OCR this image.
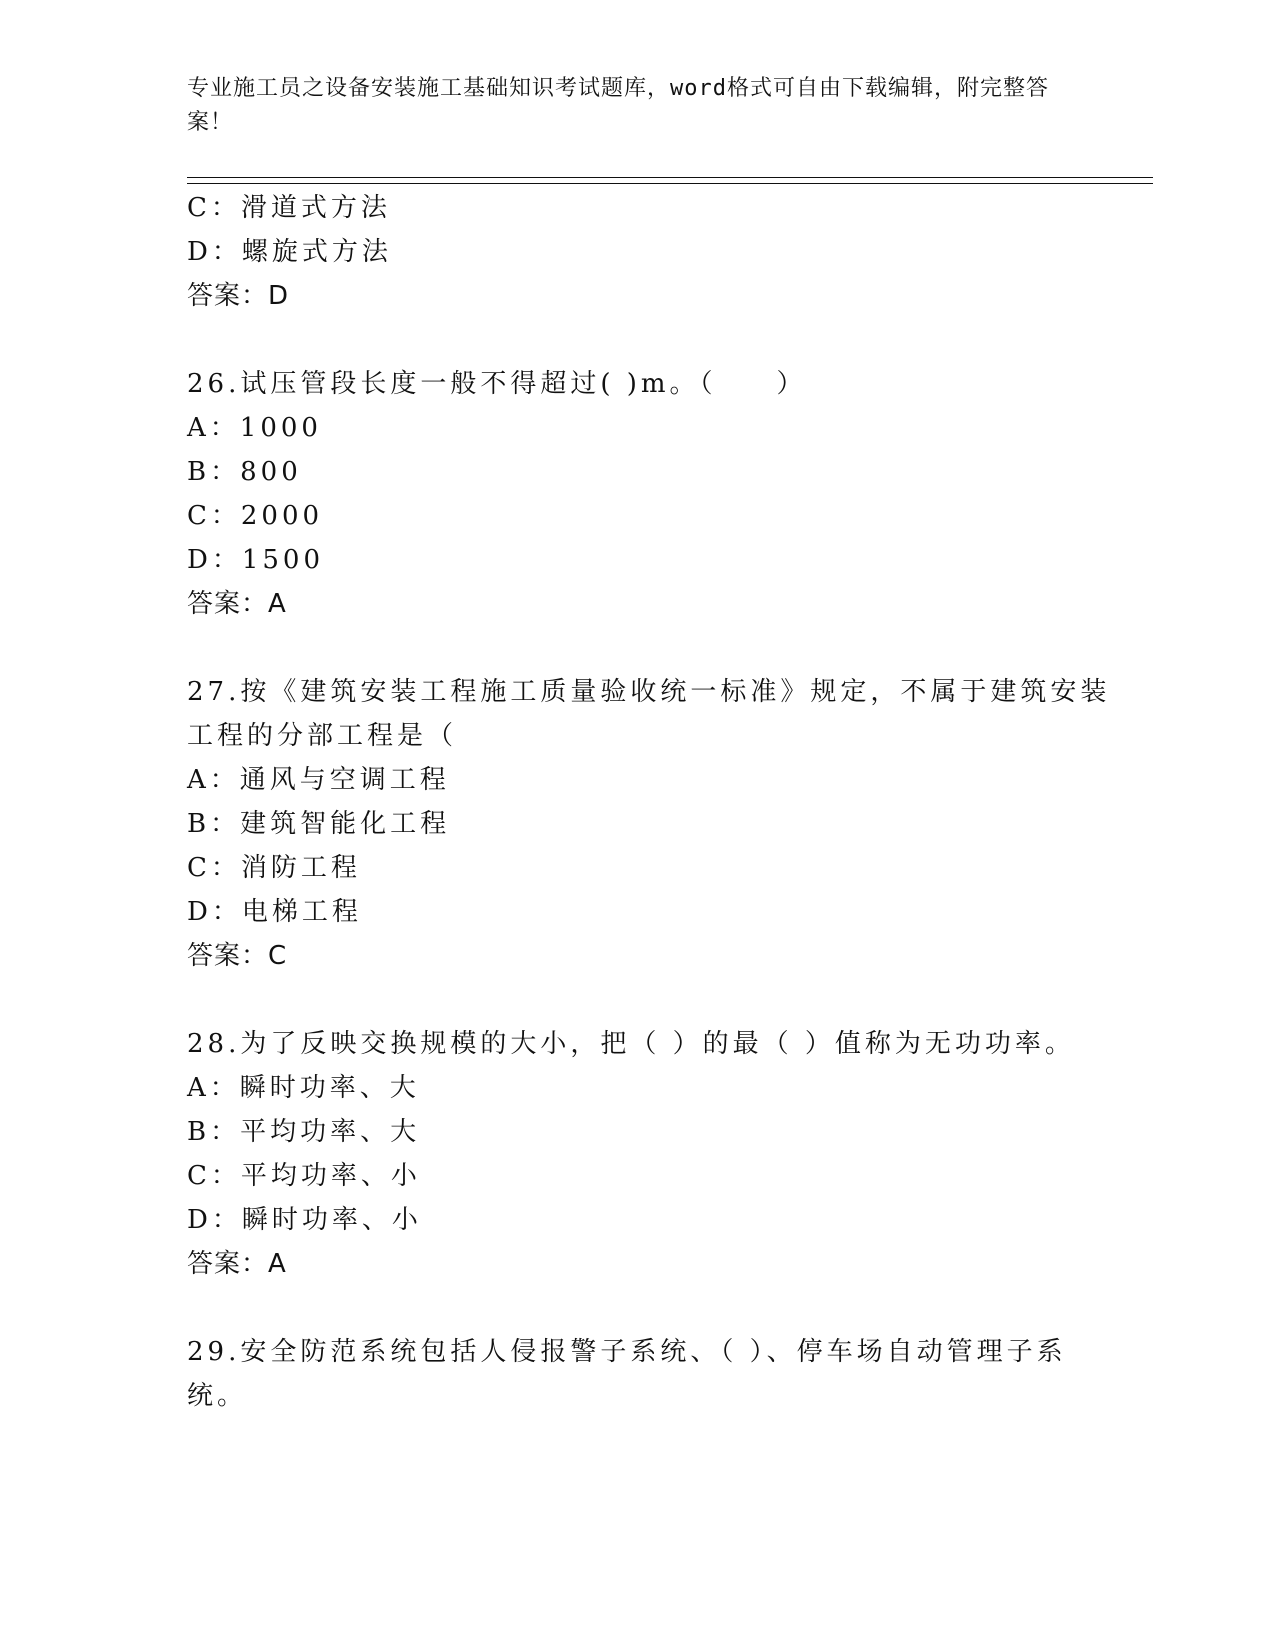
专业施工员之设备安装施工基础知识考试题库，word格式可自由下载编辑，附完整答案！
C：滑道式方法
D：螺旋式方法
答案：D
26.试压管段长度一般不得超过( )m。（　　）
A：1000
B：800
C：2000
D：1500
答案：A
27.按《建筑安装工程施工质量验收统一标准》规定，不属于建筑安装
工程的分部工程是（
A：通风与空调工程
B：建筑智能化工程
C：消防工程
D：电梯工程
答案：C
28.为了反映交换规模的大小，把（ ）的最（ ）值称为无功功率。
A：瞬时功率、大
B：平均功率、大
C：平均功率、小
D：瞬时功率、小
答案：A
29.安全防范系统包括人侵报警子系统、（ ）、停车场自动管理子系
统。
